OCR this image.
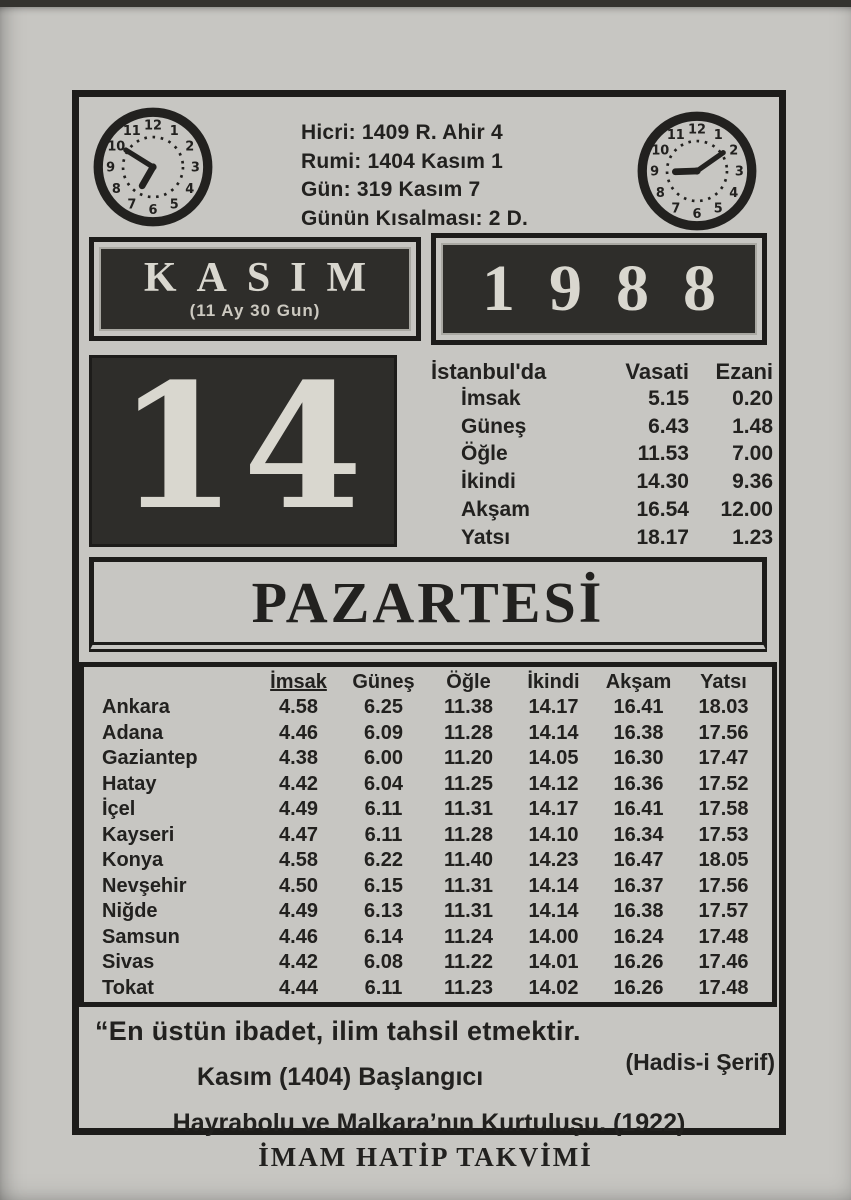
1
2
3
4
5
6
7
8
9
10
11 12	Hicri: 1409 R. Ahir 4
Rumi: 1404 Kasım 1
Gün: 319 Kasım 7
Günün Kısalması: 2 D.
1
2
3
4
5
6
7
8
9
10
11 12
KASIM
(11 Ay 30 Gun)	1988
14	İstanbul'da	Vasati	Ezani
İmsak	5.15	0.20
Güneş	6.43	1.48
Öğle	11.53	7.00
İkindi	14.30	9.36
Akşam	16.54	12.00
Yatsı	18.17	1.23
PAZARTESİ
İmsak	Güneş	Öğle	İkindi	Akşam	Yatsı
Ankara	4.58	6.25	11.38	14.17	16.41	18.03
Adana	4.46	6.09	11.28	14.14	16.38	17.56
Gaziantep	4.38	6.00	11.20	14.05	16.30	17.47
Hatay	4.42	6.04	11.25	14.12	16.36	17.52
İçel	4.49	6.11	11.31	14.17	16.41	17.58
Kayseri	4.47	6.11	11.28	14.10	16.34	17.53
Konya	4.58	6.22	11.40	14.23	16.47	18.05
Nevşehir	4.50	6.15	11.31	14.14	16.37	17.56
Niğde	4.49	6.13	11.31	14.14	16.38	17.57
Samsun	4.46	6.14	11.24	14.00	16.24	17.48
Sivas	4.42	6.08	11.22	14.01	16.26	17.46
Tokat	4.44	6.11	11.23	14.02	16.26	17.48
“En üstün ibadet, ilim tahsil etmektir.
(Hadis-i Şerif)
Kasım (1404) Başlangıcı
Hayrabolu ve Malkara’nın Kurtuluşu. (1922)
İMAM HATİP TAKVİMİ
